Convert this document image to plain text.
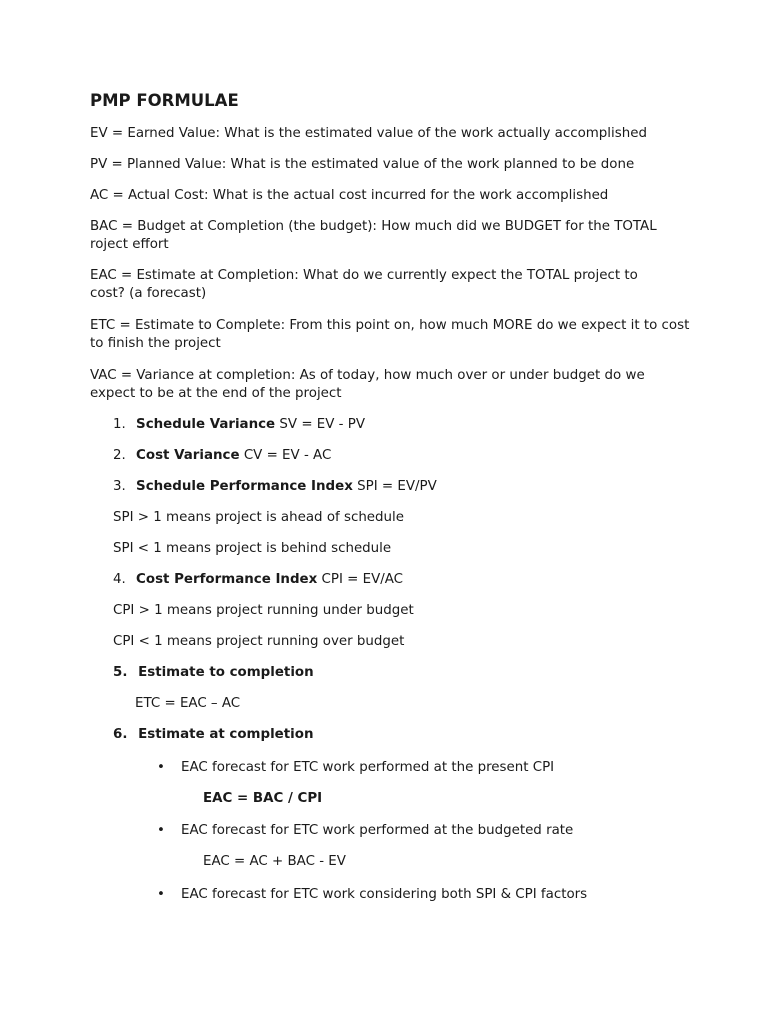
PMP FORMULAE

EV = Earned Value: What is the estimated value of the work actually accomplished

PV = Planned Value: What is the estimated value of the work planned to be done

AC = Actual Cost: What is the actual cost incurred for the work accomplished

BAC = Budget at Completion (the budget): How much did we BUDGET for the TOTAL roject effort

EAC = Estimate at Completion: What do we currently expect the TOTAL project to cost? (a forecast)

ETC = Estimate to Complete: From this point on, how much MORE do we expect it to cost to finish the project

VAC = Variance at completion: As of today, how much over or under budget do we expect to be at the end of the project

1. Schedule Variance SV = EV - PV
2. Cost Variance CV = EV - AC
3. Schedule Performance Index SPI = EV/PV

SPI > 1 means project is ahead of schedule

SPI < 1 means project is behind schedule

4. Cost Performance Index CPI = EV/AC

CPI > 1 means project running under budget

CPI < 1 means project running over budget

5. Estimate to completion

ETC = EAC – AC

6. Estimate at completion
• EAC forecast for ETC work performed at the present CPI

EAC = BAC / CPI

• EAC forecast for ETC work performed at the budgeted rate

EAC = AC + BAC - EV

• EAC forecast for ETC work considering both SPI & CPI factors
